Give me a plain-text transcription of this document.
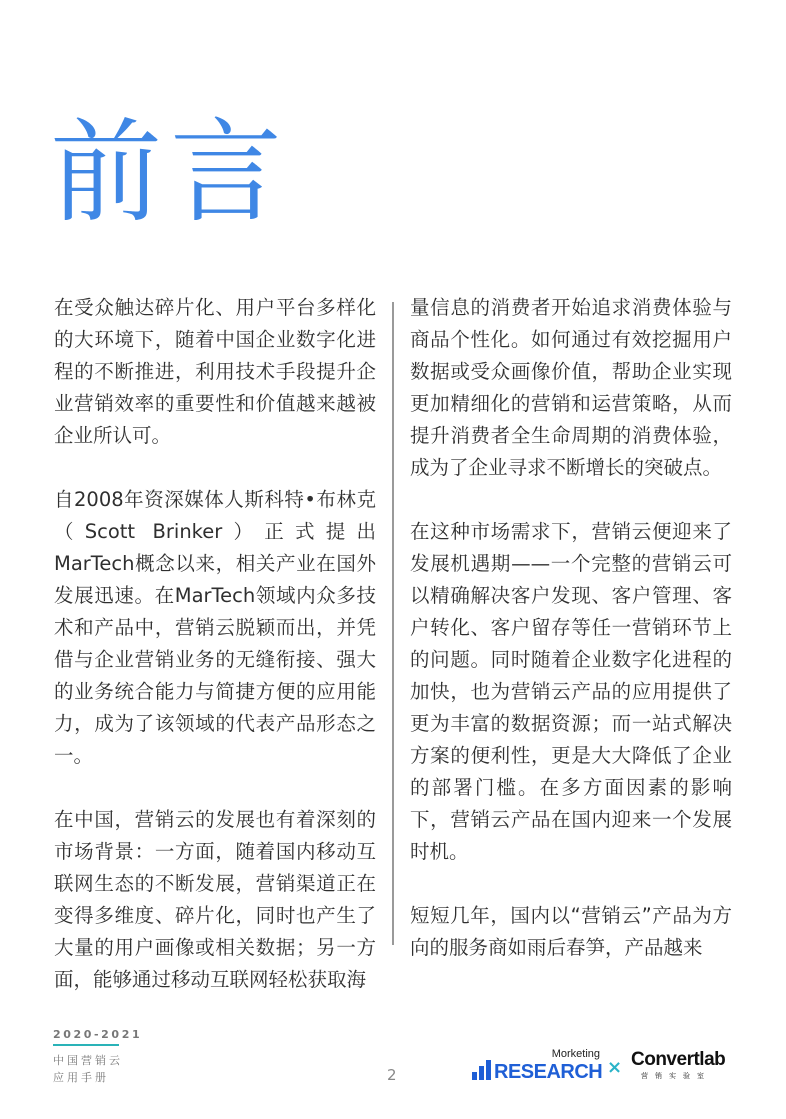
前言

在受众触达碎片化、用户平台多样化的大环境下，随着中国企业数字化进程的不断推进，利用技术手段提升企业营销效率的重要性和价值越来越被企业所认可。

自2008年资深媒体人斯科特•布林克（Scott Brinker）正式提出MarTech概念以来，相关产业在国外发展迅速。在MarTech领域内众多技术和产品中，营销云脱颖而出，并凭借与企业营销业务的无缝衔接、强大的业务统合能力与简捷方便的应用能力，成为了该领域的代表产品形态之一。

在中国，营销云的发展也有着深刻的市场背景：一方面，随着国内移动互联网生态的不断发展，营销渠道正在变得多维度、碎片化，同时也产生了大量的用户画像或相关数据；另一方面，能够通过移动互联网轻松获取海

量信息的消费者开始追求消费体验与商品个性化。如何通过有效挖掘用户数据或受众画像价值，帮助企业实现更加精细化的营销和运营策略，从而提升消费者全生命周期的消费体验，成为了企业寻求不断增长的突破点。

在这种市场需求下，营销云便迎来了发展机遇期——一个完整的营销云可以精确解决客户发现、客户管理、客户转化、客户留存等任一营销环节上的问题。同时随着企业数字化进程的加快，也为营销云产品的应用提供了更为丰富的数据资源；而一站式解决方案的便利性，更是大大降低了企业的部署门槛。在多方面因素的影响下，营销云产品在国内迎来一个发展时机。

短短几年，国内以“营销云”产品为方向的服务商如雨后春笋，产品越来

2020-2021
中国营销云
应用手册	2
Morketing
RESEARCH × Convertlab
营销实验室
